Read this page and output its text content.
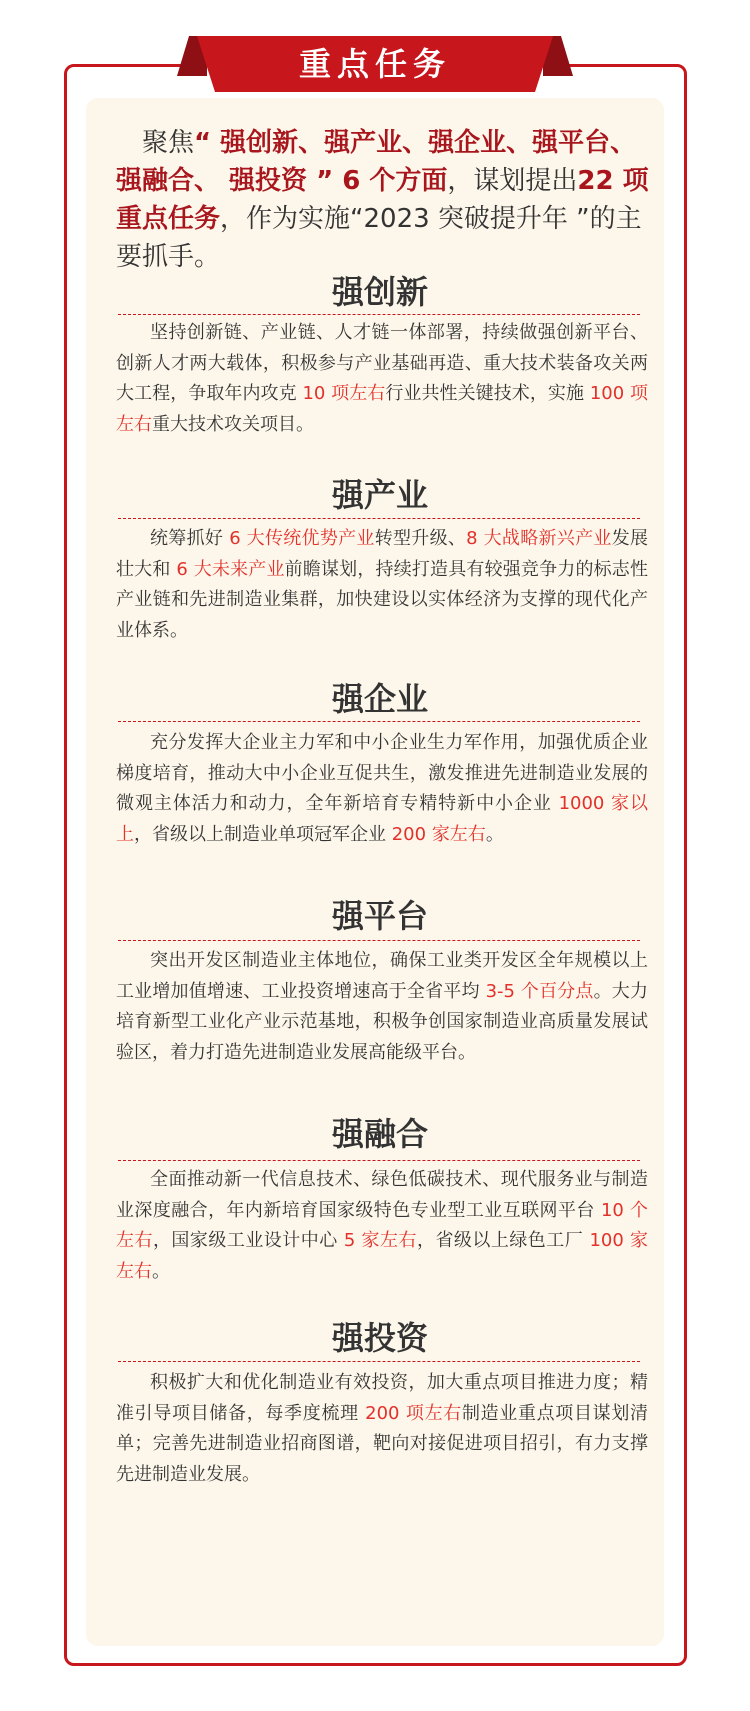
重点任务

聚焦“ 强创新、强产业、强企业、强平台、强融合、 强投资 ” 6 个方面，谋划提出22 项重点任务，作为实施“2023 突破提升年 ”的主要抓手。

强创新

坚持创新链、产业链、人才链一体部署，持续做强创新平台、创新人才两大载体，积极参与产业基础再造、重大技术装备攻关两大工程，争取年内攻克 10 项左右行业共性关键技术，实施 100 项左右重大技术攻关项目。

强产业

统筹抓好 6 大传统优势产业转型升级、8 大战略新兴产业发展壮大和 6 大未来产业前瞻谋划，持续打造具有较强竞争力的标志性产业链和先进制造业集群，加快建设以实体经济为支撑的现代化产业体系。

强企业

充分发挥大企业主力军和中小企业生力军作用，加强优质企业梯度培育，推动大中小企业互促共生，激发推进先进制造业发展的微观主体活力和动力，全年新培育专精特新中小企业 1000 家以上，省级以上制造业单项冠军企业 200 家左右。

强平台

突出开发区制造业主体地位，确保工业类开发区全年规模以上工业增加值增速、工业投资增速高于全省平均 3-5 个百分点。大力培育新型工业化产业示范基地，积极争创国家制造业高质量发展试验区，着力打造先进制造业发展高能级平台。

强融合

全面推动新一代信息技术、绿色低碳技术、现代服务业与制造业深度融合，年内新培育国家级特色专业型工业互联网平台 10 个左右，国家级工业设计中心 5 家左右，省级以上绿色工厂 100 家左右。

强投资

积极扩大和优化制造业有效投资，加大重点项目推进力度；精准引导项目储备，每季度梳理 200 项左右制造业重点项目谋划清单；完善先进制造业招商图谱，靶向对接促进项目招引，有力支撑先进制造业发展。
